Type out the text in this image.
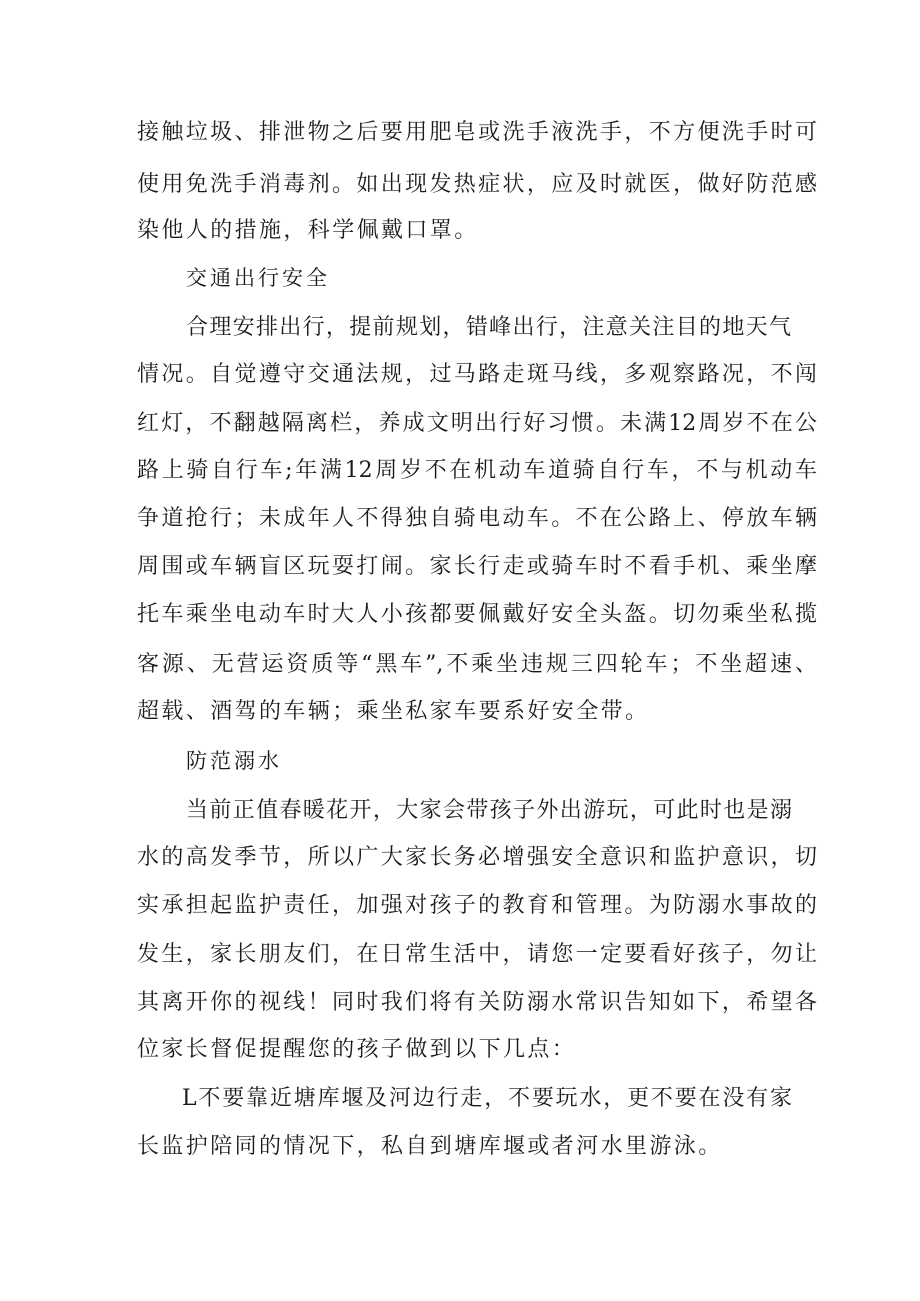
接触垃圾、排泄物之后要用肥皂或洗手液洗手，不方便洗手时可
使用免洗手消毒剂。如出现发热症状，应及时就医，做好防范感
染他人的措施，科学佩戴口罩。
交通出行安全
合理安排出行，提前规划，错峰出行，注意关注目的地天气
情况。自觉遵守交通法规，过马路走斑马线，多观察路况，不闯
红灯，不翻越隔离栏，养成文明出行好习惯。未满12周岁不在公
路上骑自行车;年满12周岁不在机动车道骑自行车，不与机动车
争道抢行；未成年人不得独自骑电动车。不在公路上、停放车辆
周围或车辆盲区玩耍打闹。家长行走或骑车时不看手机、乘坐摩
托车乘坐电动车时大人小孩都要佩戴好安全头盔。切勿乘坐私揽
客源、无营运资质等“黑车”,不乘坐违规三四轮车；不坐超速、
超载、酒驾的车辆；乘坐私家车要系好安全带。
防范溺水
当前正值春暖花开，大家会带孩子外出游玩，可此时也是溺
水的高发季节，所以广大家长务必增强安全意识和监护意识，切
实承担起监护责任，加强对孩子的教育和管理。为防溺水事故的
发生，家长朋友们，在日常生活中，请您一定要看好孩子，勿让
其离开你的视线！同时我们将有关防溺水常识告知如下，希望各
位家长督促提醒您的孩子做到以下几点：
L不要靠近塘库堰及河边行走，不要玩水，更不要在没有家
长监护陪同的情况下，私自到塘库堰或者河水里游泳。
